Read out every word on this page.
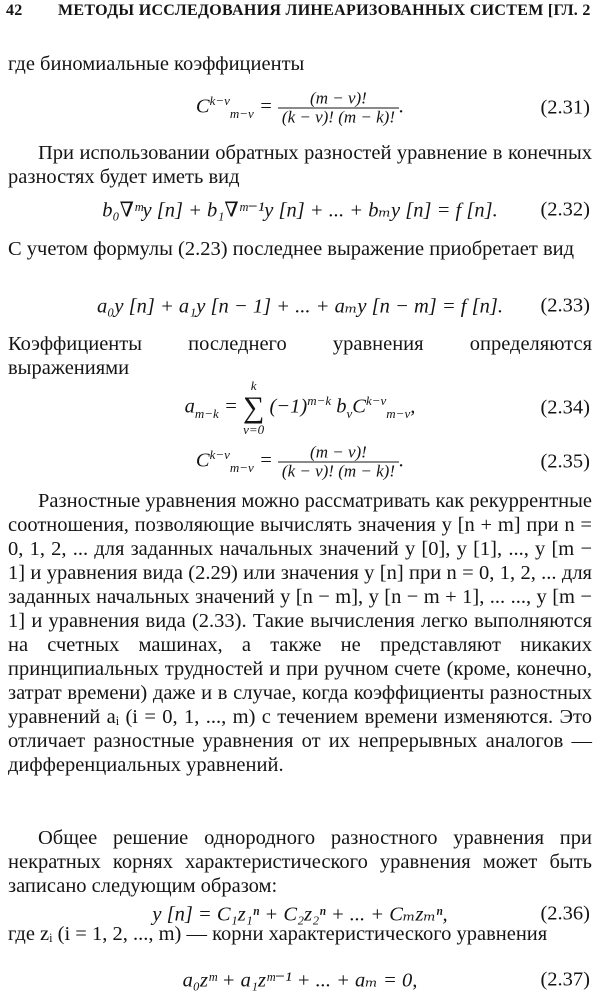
42 МЕТОДЫ ИССЛЕДОВАНИЯ ЛИНЕАРИЗОВАННЫХ СИСТЕМ [ГЛ. 2
где биномиальные коэффициенты
$C^{k-\nu}_{m-\nu} = \frac{(m - \nu)!}{(k - \nu)! (m - k)!}$ .	(2.31)
При использовании обратных разностей уравнение в конечных разностях будет иметь вид
b₀∇ᵐy [n] + b₁∇ᵐ⁻¹y [n] + ... + bₘy [n] = f [n].	(2.32)
С учетом формулы (2.23) последнее выражение приобретает вид
a₀y [n] + a₁y [n − 1] + ... + aₘy [n − m] = f [n].	(2.33)
Коэффициенты последнего уравнения определяются выражениями
$a_{m-k}$ =
k
∑
ν=0
$(-1)^{m-k}$ $b_\nu C^{k-\nu}_{m-\nu}$,	(2.34)
$C^{k-\nu}_{m-\nu} = \frac{(m - \nu)!}{(k - \nu)! (m - k)!}$ .	(2.35)
Разностные уравнения можно рассматривать как рекуррентные соотношения, позволяющие вычислять значения y [n + m] при n = 0, 1, 2, ... для заданных начальных значений y [0], y [1], ..., y [m − 1] и уравнения вида (2.29) или значения y [n] при n = 0, 1, 2, ... для заданных начальных значений y [n − m], y [n − m + 1], ... ..., y [m − 1] и уравнения вида (2.33). Такие вычисления легко выполняются на счетных машинах, а также не представляют никаких принципиальных трудностей и при ручном счете (кроме, конечно, затрат времени) даже и в случае, когда коэффициенты разностных уравнений aᵢ (i = 0, 1, ..., m) с течением времени изменяются. Это отличает разностные уравнения от их непрерывных аналогов — дифференциальных уравнений.
Общее решение однородного разностного уравнения при некратных корнях характеристического уравнения может быть записано следующим образом:
y [n] = C₁z₁ⁿ + C₂z₂ⁿ + ... + Cₘzₘⁿ,	(2.36)
где zᵢ (i = 1, 2, ..., m) — корни характеристического уравнения
a₀zᵐ + a₁zᵐ⁻¹ + ... + aₘ = 0,	(2.37)
